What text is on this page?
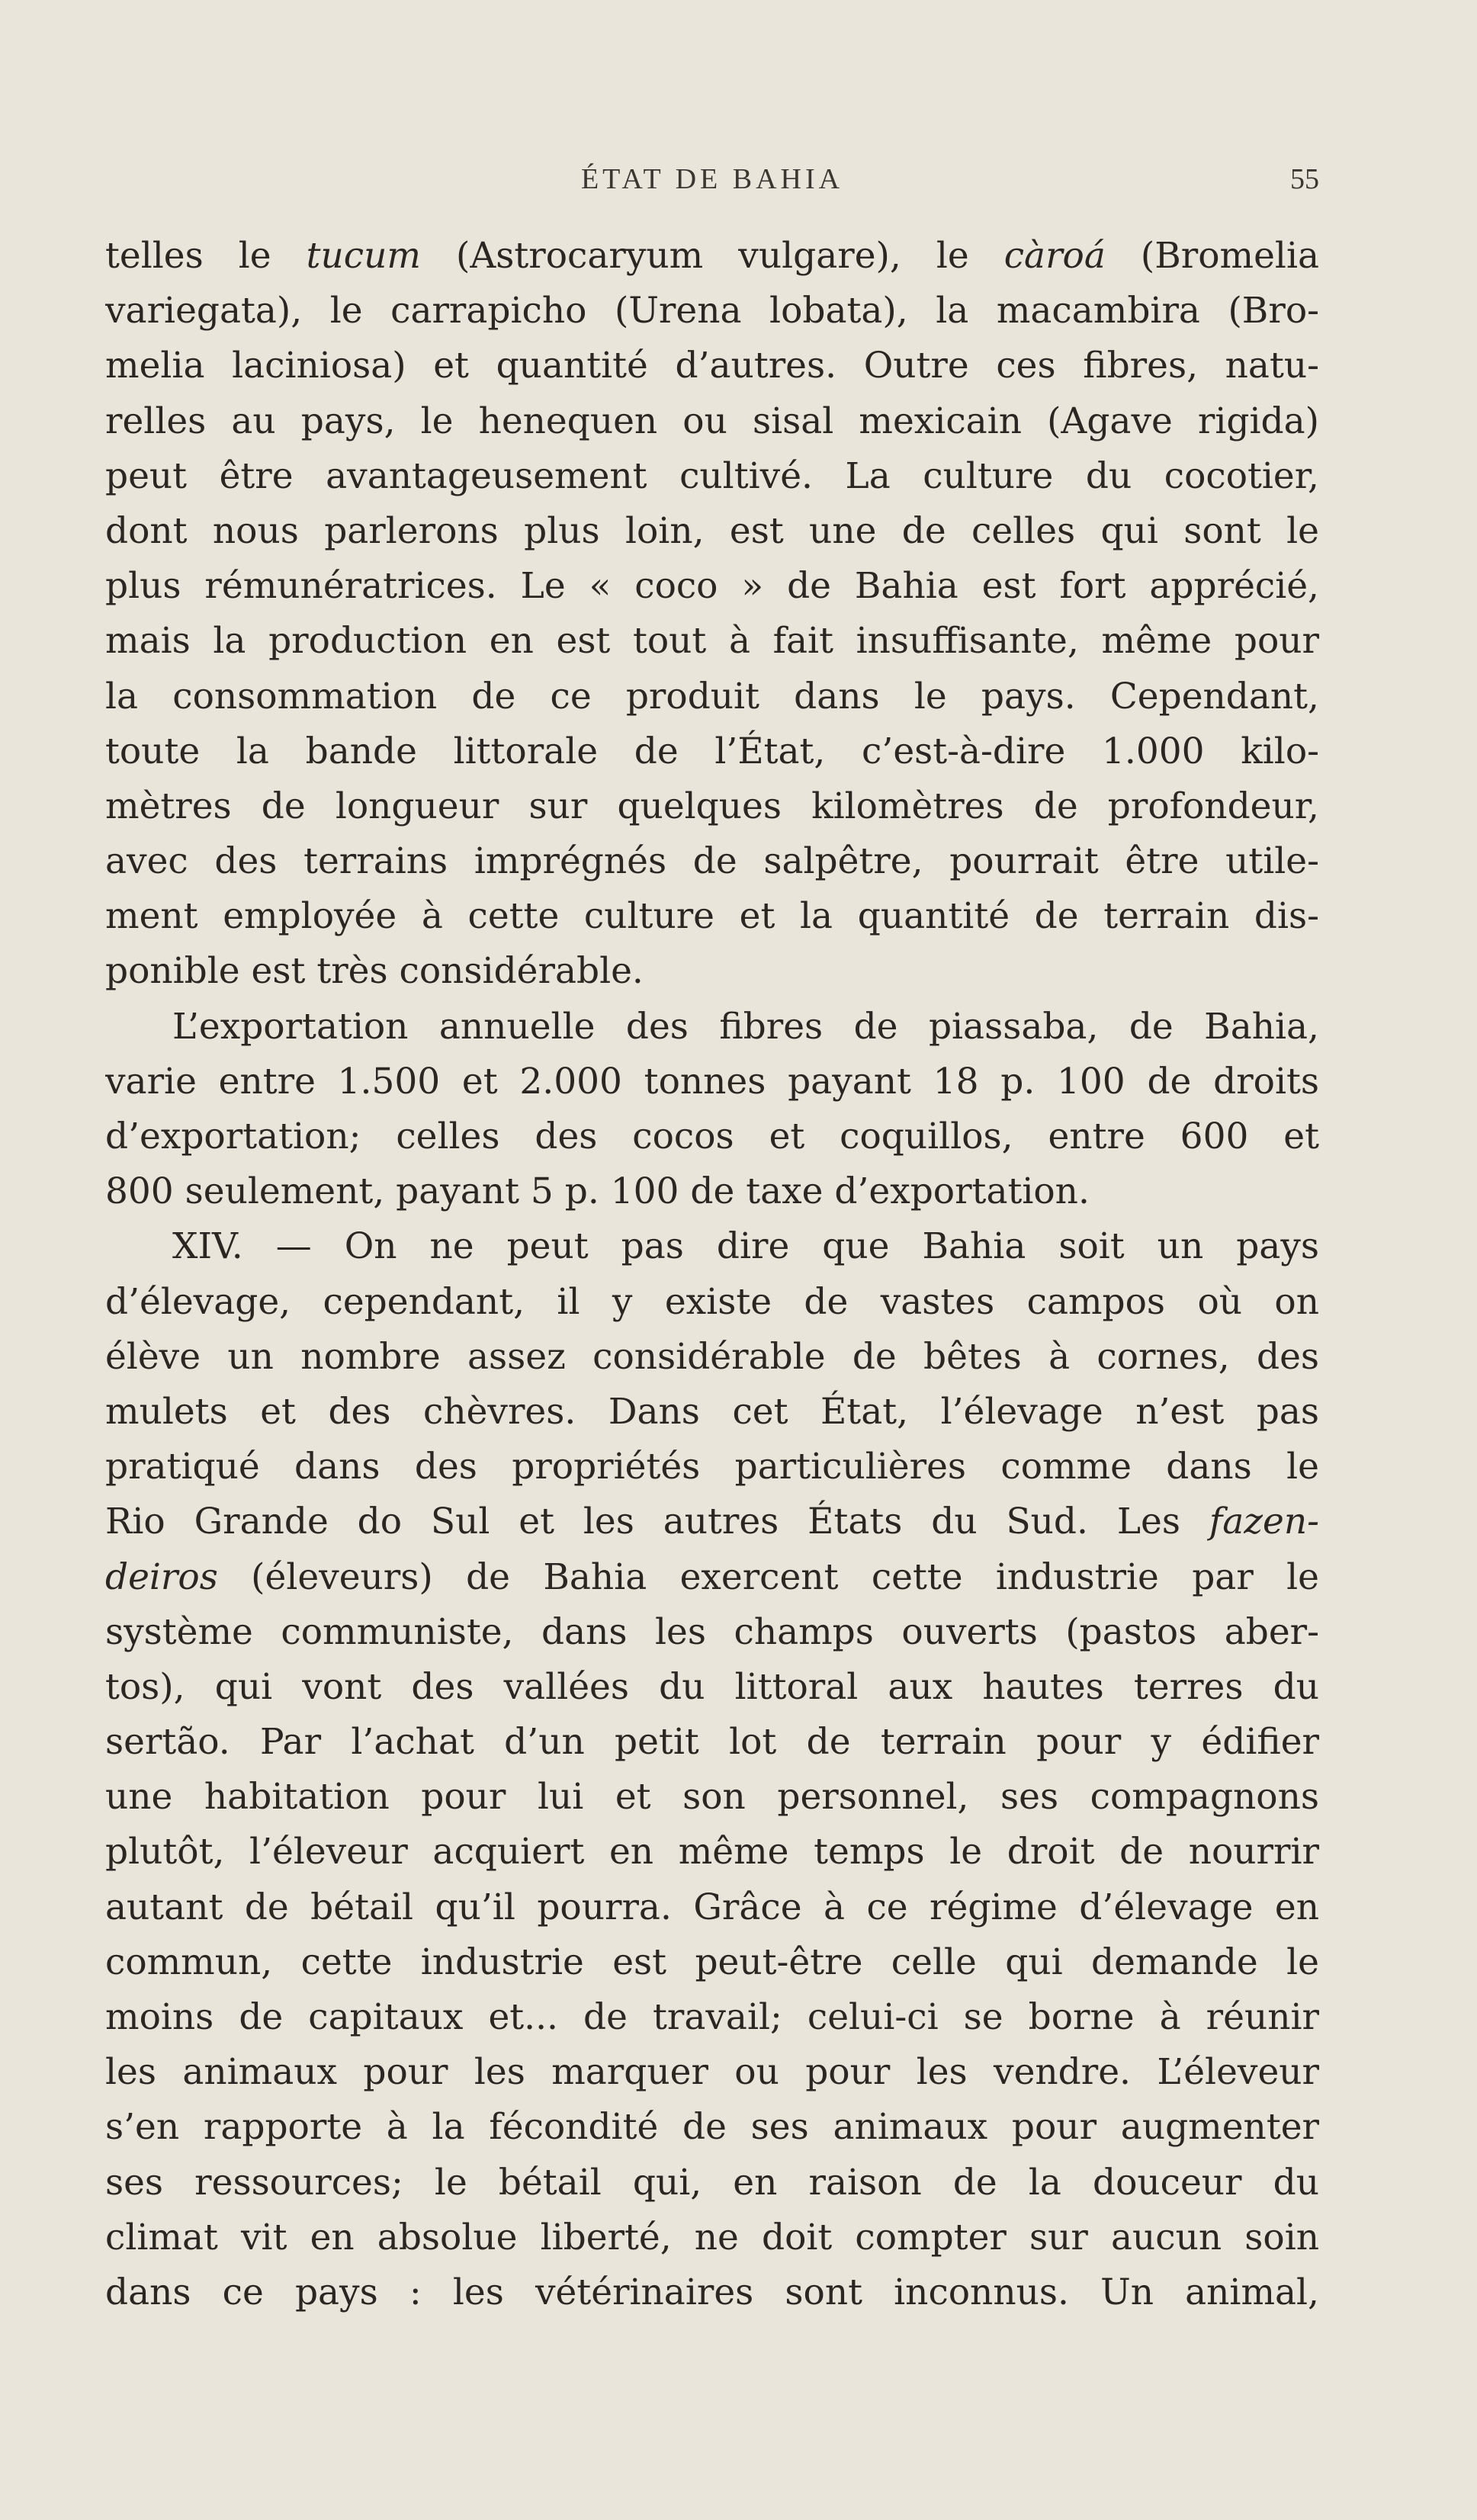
ÉTAT DE BAHIA	55
telles le tucum (Astrocaryum vulgare), le càroá (Bromelia
variegata), le carrapicho (Urena lobata), la macambira (Bro-
melia laciniosa) et quantité d’autres. Outre ces fibres, natu-
relles au pays, le henequen ou sisal mexicain (Agave rigida)
peut être avantageusement cultivé. La culture du cocotier,
dont nous parlerons plus loin, est une de celles qui sont le
plus rémunératrices. Le « coco » de Bahia est fort apprécié,
mais la production en est tout à fait insuffisante, même pour
la consommation de ce produit dans le pays. Cependant,
toute la bande littorale de l’État, c’est-à-dire 1.000 kilo-
mètres de longueur sur quelques kilomètres de profondeur,
avec des terrains imprégnés de salpêtre, pourrait être utile-
ment employée à cette culture et la quantité de terrain dis-
ponible est très considérable.
L’exportation annuelle des fibres de piassaba, de Bahia,
varie entre 1.500 et 2.000 tonnes payant 18 p. 100 de droits
d’exportation; celles des cocos et coquillos, entre 600 et
800 seulement, payant 5 p. 100 de taxe d’exportation.
XIV. — On ne peut pas dire que Bahia soit un pays
d’élevage, cependant, il y existe de vastes campos où on
élève un nombre assez considérable de bêtes à cornes, des
mulets et des chèvres. Dans cet État, l’élevage n’est pas
pratiqué dans des propriétés particulières comme dans le
Rio Grande do Sul et les autres États du Sud. Les fazen-
deiros (éleveurs) de Bahia exercent cette industrie par le
système communiste, dans les champs ouverts (pastos aber-
tos), qui vont des vallées du littoral aux hautes terres du
sertão. Par l’achat d’un petit lot de terrain pour y édifier
une habitation pour lui et son personnel, ses compagnons
plutôt, l’éleveur acquiert en même temps le droit de nourrir
autant de bétail qu’il pourra. Grâce à ce régime d’élevage en
commun, cette industrie est peut-être celle qui demande le
moins de capitaux et... de travail; celui-ci se borne à réunir
les animaux pour les marquer ou pour les vendre. L’éleveur
s’en rapporte à la fécondité de ses animaux pour augmenter
ses ressources; le bétail qui, en raison de la douceur du
climat vit en absolue liberté, ne doit compter sur aucun soin
dans ce pays : les vétérinaires sont inconnus. Un animal,
